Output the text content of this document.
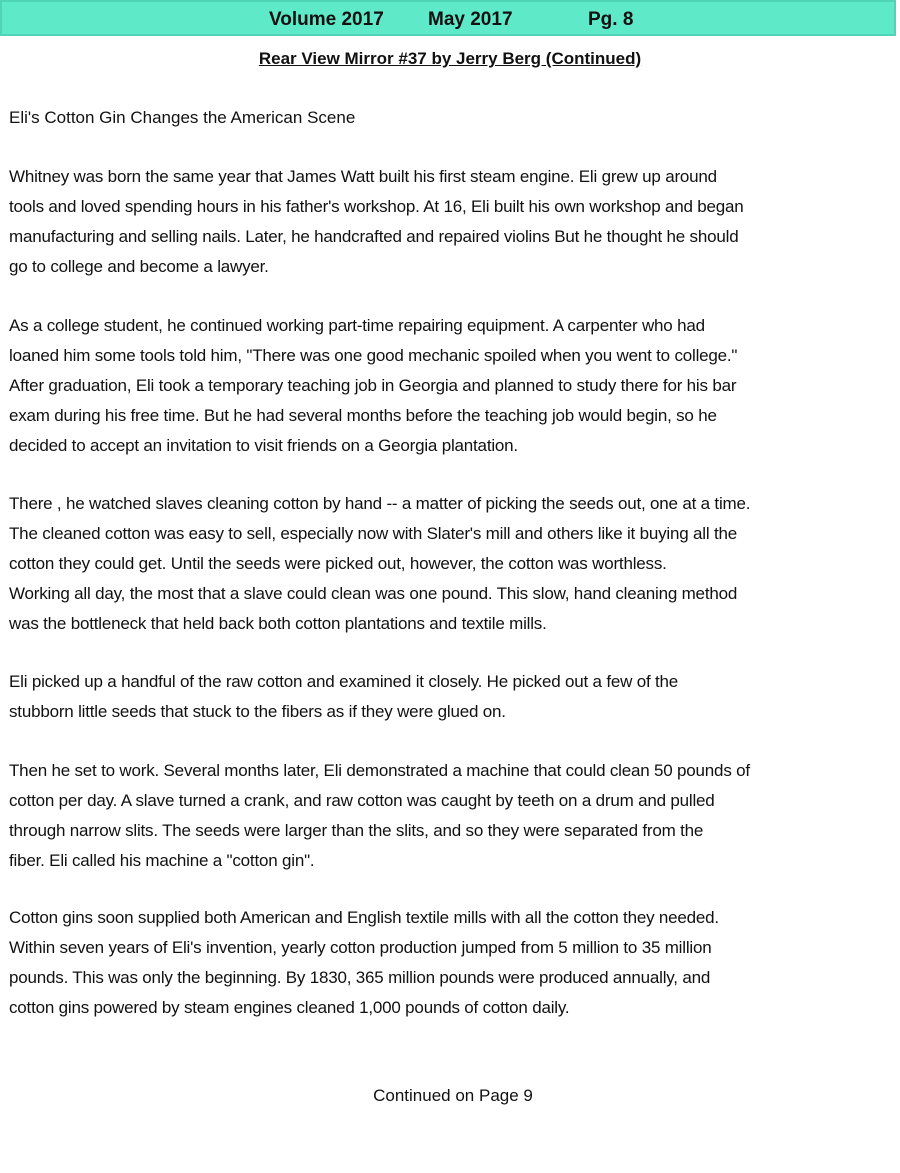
Volume 2017 May 2017	Pg. 8
Rear View Mirror #37 by Jerry Berg (Continued)
Eli's Cotton Gin Changes the American Scene
Whitney was born the same year that James Watt built his first steam engine. Eli grew up around
tools and loved spending hours in his father's workshop. At 16, Eli built his own workshop and began
manufacturing and selling nails. Later, he handcrafted and repaired violins But he thought he should
go to college and become a lawyer.
As a college student, he continued working part-time repairing equipment. A carpenter who had
loaned him some tools told him, "There was one good mechanic spoiled when you went to college."
After graduation, Eli took a temporary teaching job in Georgia and planned to study there for his bar
exam during his free time. But he had several months before the teaching job would begin, so he
decided to accept an invitation to visit friends on a Georgia plantation.
There , he watched slaves cleaning cotton by hand -- a matter of picking the seeds out, one at a time.
The cleaned cotton was easy to sell, especially now with Slater's mill and others like it buying all the
cotton they could get. Until the seeds were picked out, however, the cotton was worthless.
Working all day, the most that a slave could clean was one pound. This slow, hand cleaning method
was the bottleneck that held back both cotton plantations and textile mills.
Eli picked up a handful of the raw cotton and examined it closely. He picked out a few of the
stubborn little seeds that stuck to the fibers as if they were glued on.
Then he set to work. Several months later, Eli demonstrated a machine that could clean 50 pounds of
cotton per day. A slave turned a crank, and raw cotton was caught by teeth on a drum and pulled
through narrow slits. The seeds were larger than the slits, and so they were separated from the
fiber. Eli called his machine a "cotton gin".
Cotton gins soon supplied both American and English textile mills with all the cotton they needed.
Within seven years of Eli's invention, yearly cotton production jumped from 5 million to 35 million
pounds. This was only the beginning. By 1830, 365 million pounds were produced annually, and
cotton gins powered by steam engines cleaned 1,000 pounds of cotton daily.
Continued on Page 9
